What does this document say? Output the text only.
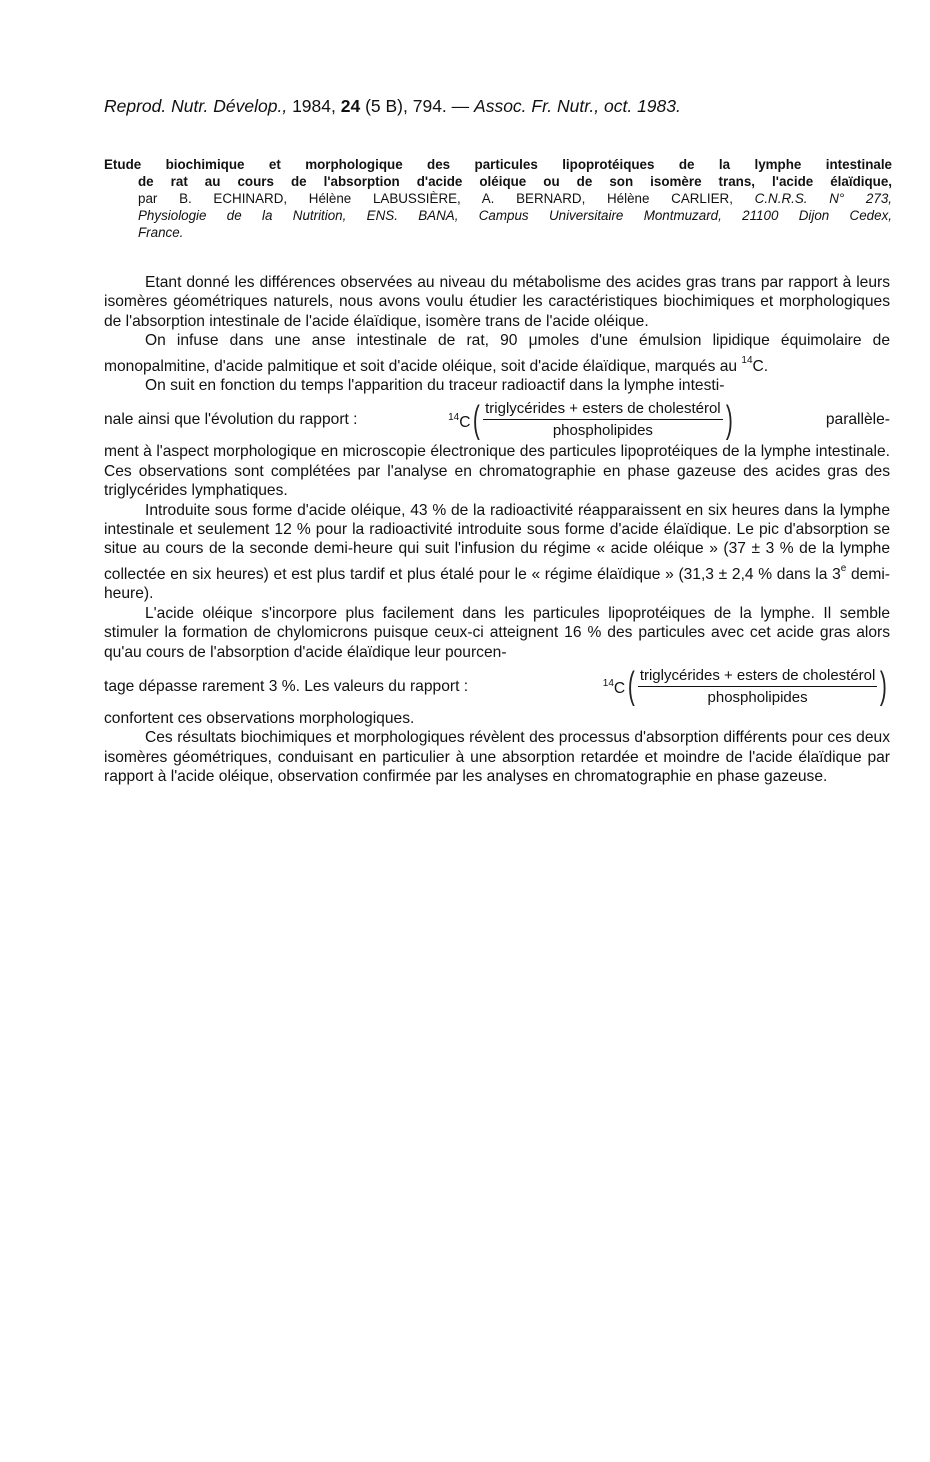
Reprod. Nutr. Dévelop., 1984, 24 (5 B), 794. — Assoc. Fr. Nutr., oct. 1983.
Etude biochimique et morphologique des particules lipoprotéiques de la lymphe intestinale
de rat au cours de l'absorption d'acide oléique ou de son isomère trans, l'acide élaïdique,
par B. ECHINARD, Hélène LABUSSIÈRE, A. BERNARD, Hélène CARLIER, C.N.R.S. N° 273,
Physiologie de la Nutrition, ENS. BANA, Campus Universitaire Montmuzard, 21100 Dijon Cedex,
France.

Etant donné les différences observées au niveau du métabolisme des acides gras trans par rapport à leurs isomères géométriques naturels, nous avons voulu étudier les caractéristiques biochimiques et morphologiques de l'absorption intestinale de l'acide élaïdique, isomère trans de l'acide oléique.

On infuse dans une anse intestinale de rat, 90 μmoles d'une émulsion lipidique équimolaire de monopalmitine, d'acide palmitique et soit d'acide oléique, soit d'acide élaïdique, marqués au $^{14}$C.

On suit en fonction du temps l'apparition du traceur radioactif dans la lymphe intesti-

nale ainsi que l'évolution du rapport :	$^{14}$C ( $\frac{\text{triglycérides + esters de cholestérol}}{\text{phospholipides}}$ )	parallèle-

ment à l'aspect morphologique en microscopie électronique des particules lipoprotéiques de la lymphe intestinale. Ces observations sont complétées par l'analyse en chromatographie en phase gazeuse des acides gras des triglycérides lymphatiques.

Introduite sous forme d'acide oléique, 43 % de la radioactivité réapparaissent en six heures dans la lymphe intestinale et seulement 12 % pour la radioactivité introduite sous forme d'acide élaïdique. Le pic d'absorption se situe au cours de la seconde demi-heure qui suit l'infusion du régime « acide oléique » (37 ± 3 % de la lymphe collectée en six heures) et est plus tardif et plus étalé pour le « régime élaïdique » (31,3 ± 2,4 % dans la 3e demi-heure).

L'acide oléique s'incorpore plus facilement dans les particules lipoprotéiques de la lymphe. Il semble stimuler la formation de chylomicrons puisque ceux-ci atteignent 16 % des particules avec cet acide gras alors qu'au cours de l'absorption d'acide élaïdique leur pourcen-

tage dépasse rarement 3 %. Les valeurs du rapport :	$^{14}$C ( $\frac{\text{triglycérides + esters de cholestérol}}{\text{phospholipides}}$ )

confortent ces observations morphologiques.

Ces résultats biochimiques et morphologiques révèlent des processus d'absorption différents pour ces deux isomères géométriques, conduisant en particulier à une absorption retardée et moindre de l'acide élaïdique par rapport à l'acide oléique, observation confirmée par les analyses en chromatographie en phase gazeuse.
